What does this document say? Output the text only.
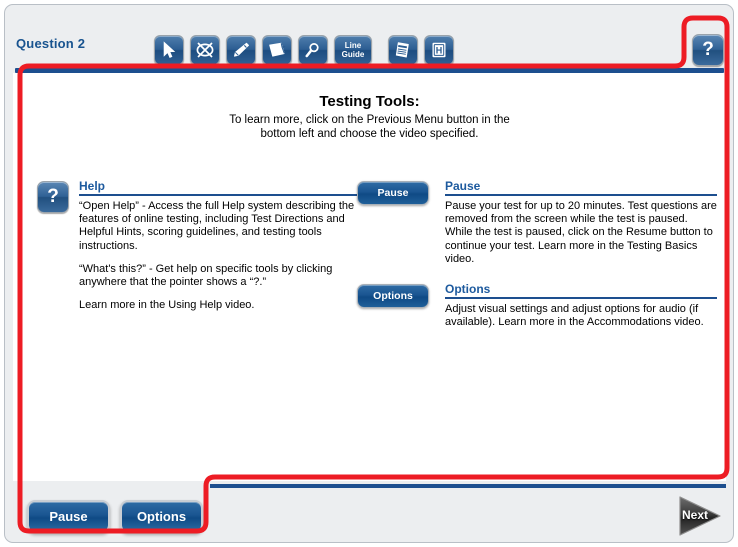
Question 2	Line Guide	H	?
Testing Tools:
To learn more, click on the Previous Menu button in the
bottom left and choose the video specified.
?	Help

“Open Help” - Access the full Help system describing the features of online testing, including Test Directions and Helpful Hints, scoring guidelines, and testing tools instructions.

“What's this?” - Get help on specific tools by clicking anywhere that the pointer shows a “?.”

Learn more in the Using Help video.

Pause	Pause

Pause your test for up to 20 minutes. Test questions are removed from the screen while the test is paused. While the test is paused, click on the Resume button to continue your test. Learn more in the Testing Basics video.

Options	Options

Adjust visual settings and adjust options for audio (if available). Learn more in the Accommodations video.

Pause	Options	Next
